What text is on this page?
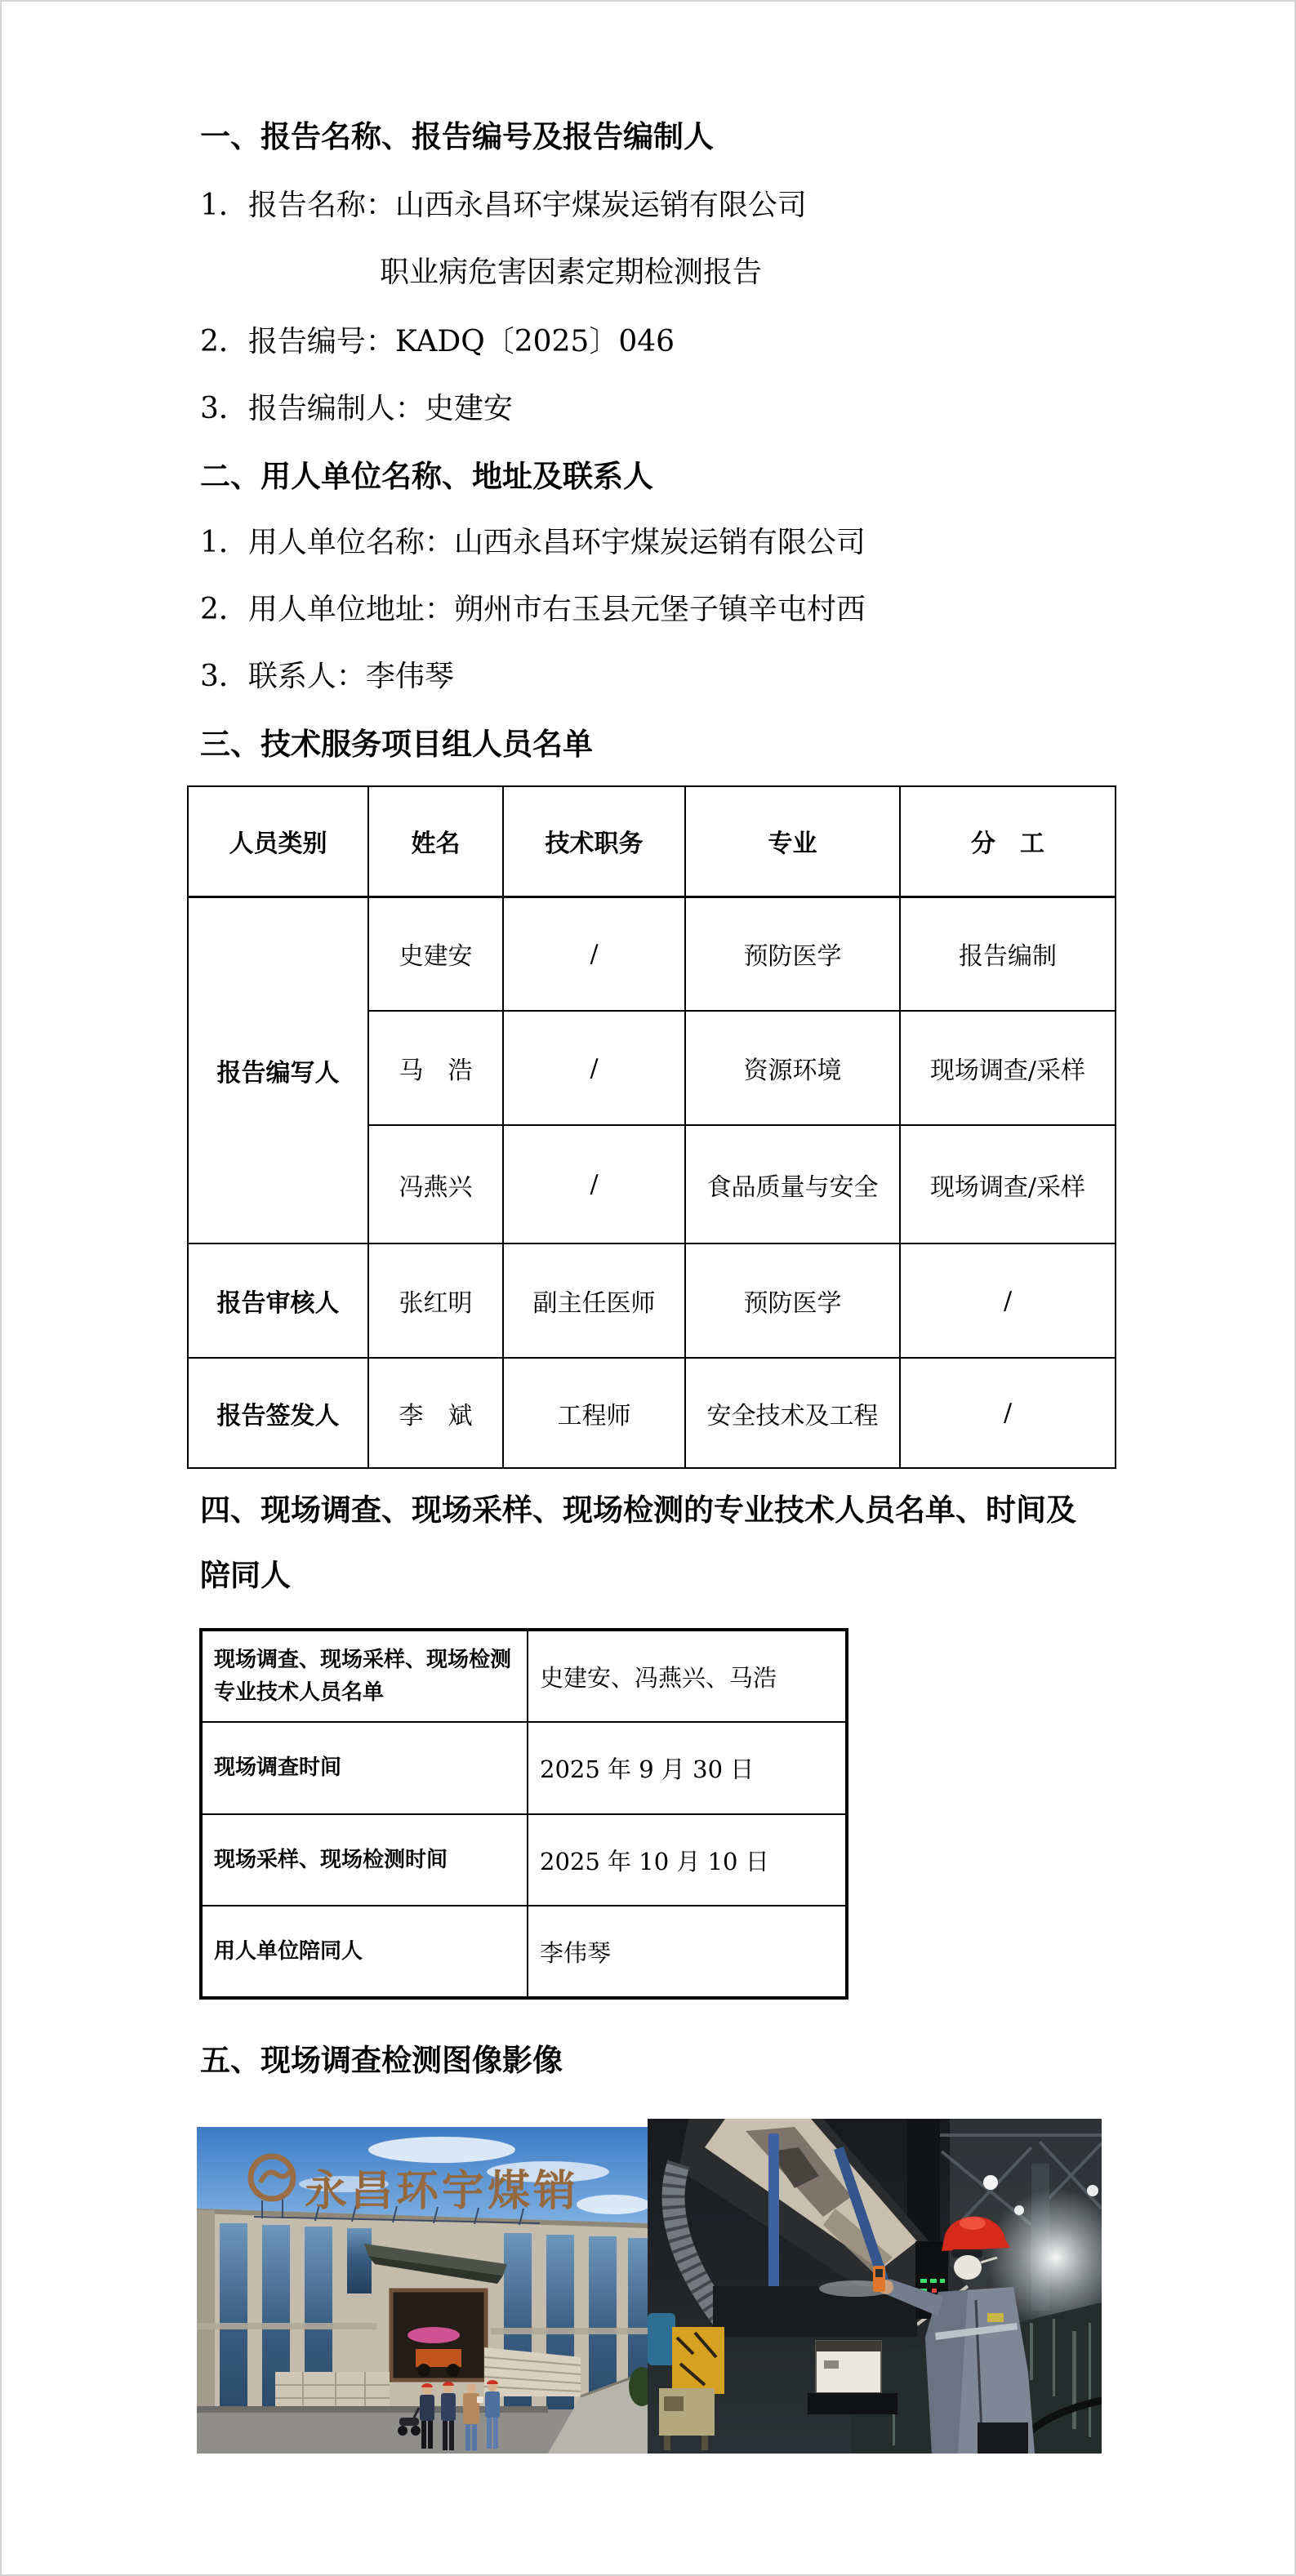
一、报告名称、报告编号及报告编制人
1．报告名称：山西永昌环宇煤炭运销有限公司
职业病危害因素定期检测报告
2．报告编号：KADQ〔2025〕046
3．报告编制人：史建安
二、用人单位名称、地址及联系人
1．用人单位名称：山西永昌环宇煤炭运销有限公司
2．用人单位地址：朔州市右玉县元堡子镇辛屯村西
3．联系人：李伟琴
三、技术服务项目组人员名单
人员类别	姓名	技术职务	专业	分　工
报告编写人	史建安	/	预防医学	报告编制
	马　浩	/	资源环境	现场调查/采样
	冯燕兴	/	食品质量与安全	现场调查/采样
报告审核人	张红明	副主任医师	预防医学	/
报告签发人	李　斌	工程师	安全技术及工程	/
四、现场调查、现场采样、现场检测的专业技术人员名单、时间及
陪同人
现场调查、现场采样、现场检测专业技术人员名单	史建安、冯燕兴、马浩
现场调查时间	2025 年 9 月 30 日
现场采样、现场检测时间	2025 年 10 月 10 日
用人单位陪同人	李伟琴
五、现场调查检测图像影像
永昌环宇煤销
